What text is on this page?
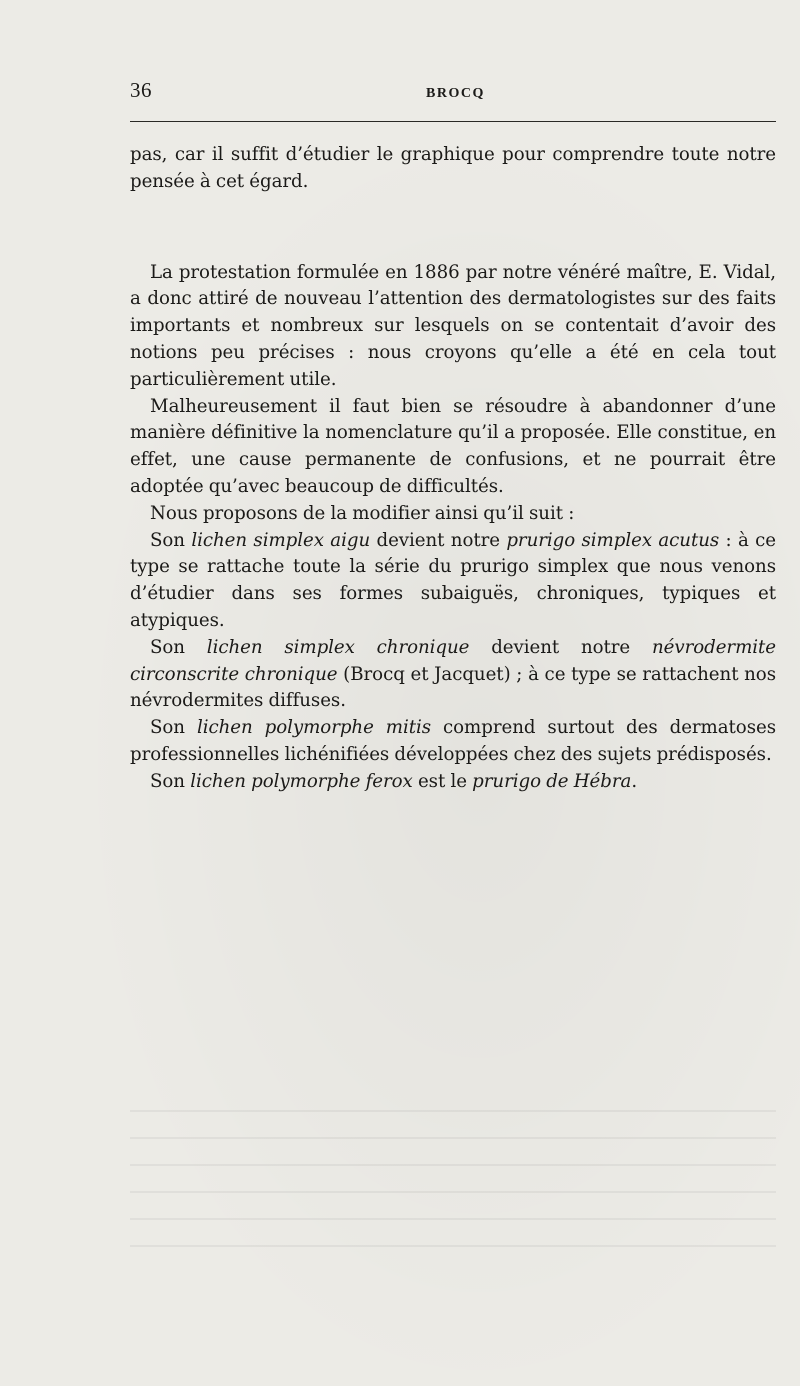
36	BROCQ

pas, car il suffit d’étudier le graphique pour comprendre toute notre pensée à cet égard.

La protestation formulée en 1886 par notre vénéré maître, E. Vidal, a donc attiré de nouveau l’attention des dermatologistes sur des faits importants et nombreux sur lesquels on se contentait d’avoir des notions peu précises : nous croyons qu’elle a été en cela tout particulièrement utile.

Malheureusement il faut bien se résoudre à abandonner d’une manière définitive la nomenclature qu’il a proposée. Elle constitue, en effet, une cause permanente de confusions, et ne pourrait être adoptée qu’avec beaucoup de difficultés.

Nous proposons de la modifier ainsi qu’il suit :

Son lichen simplex aigu devient notre prurigo simplex acutus : à ce type se rattache toute la série du prurigo simplex que nous venons d’étudier dans ses formes subaiguës, chroniques, typiques et atypiques.

Son lichen simplex chronique devient notre névrodermite circonscrite chronique (Brocq et Jacquet) ; à ce type se rattachent nos névrodermites diffuses.

Son lichen polymorphe mitis comprend surtout des dermatoses professionnelles lichénifiées développées chez des sujets prédisposés.

Son lichen polymorphe ferox est le prurigo de Hébra.
